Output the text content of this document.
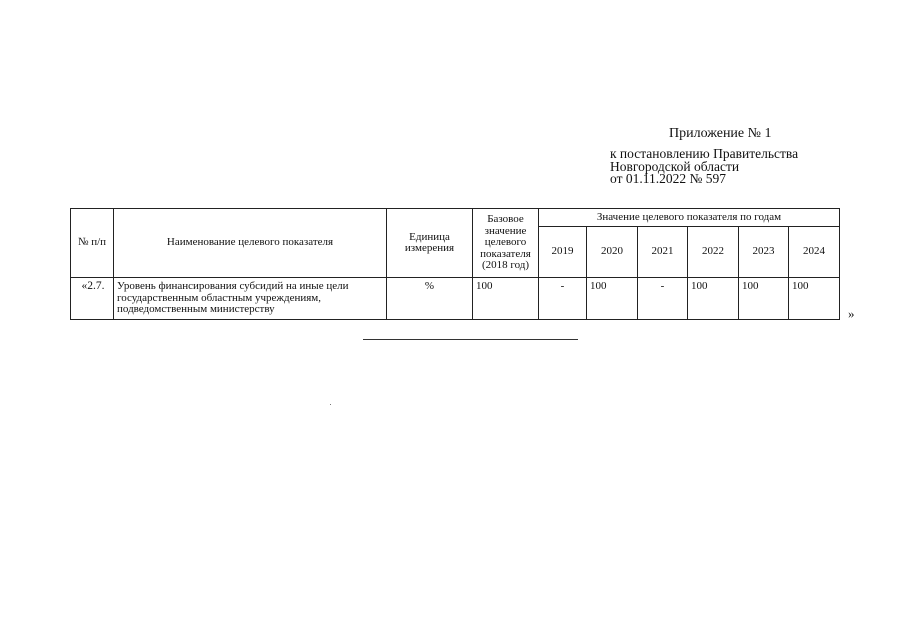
Приложение № 1
к постановлению Правительства
Новгородской области
от 01.11.2022 № 597
№ п/п	Наименование целевого показателя	Единица измерения	Базовое значение целевого показателя (2018 год)	Значение целевого показателя по годам					
				2019	2020	2021	2022	2023	2024
«2.7.	Уровень финансирования субсидий на иные цели государственным областным учреждениям, подведомственным министерству	%	100	-	100	-	100	100	100
»
